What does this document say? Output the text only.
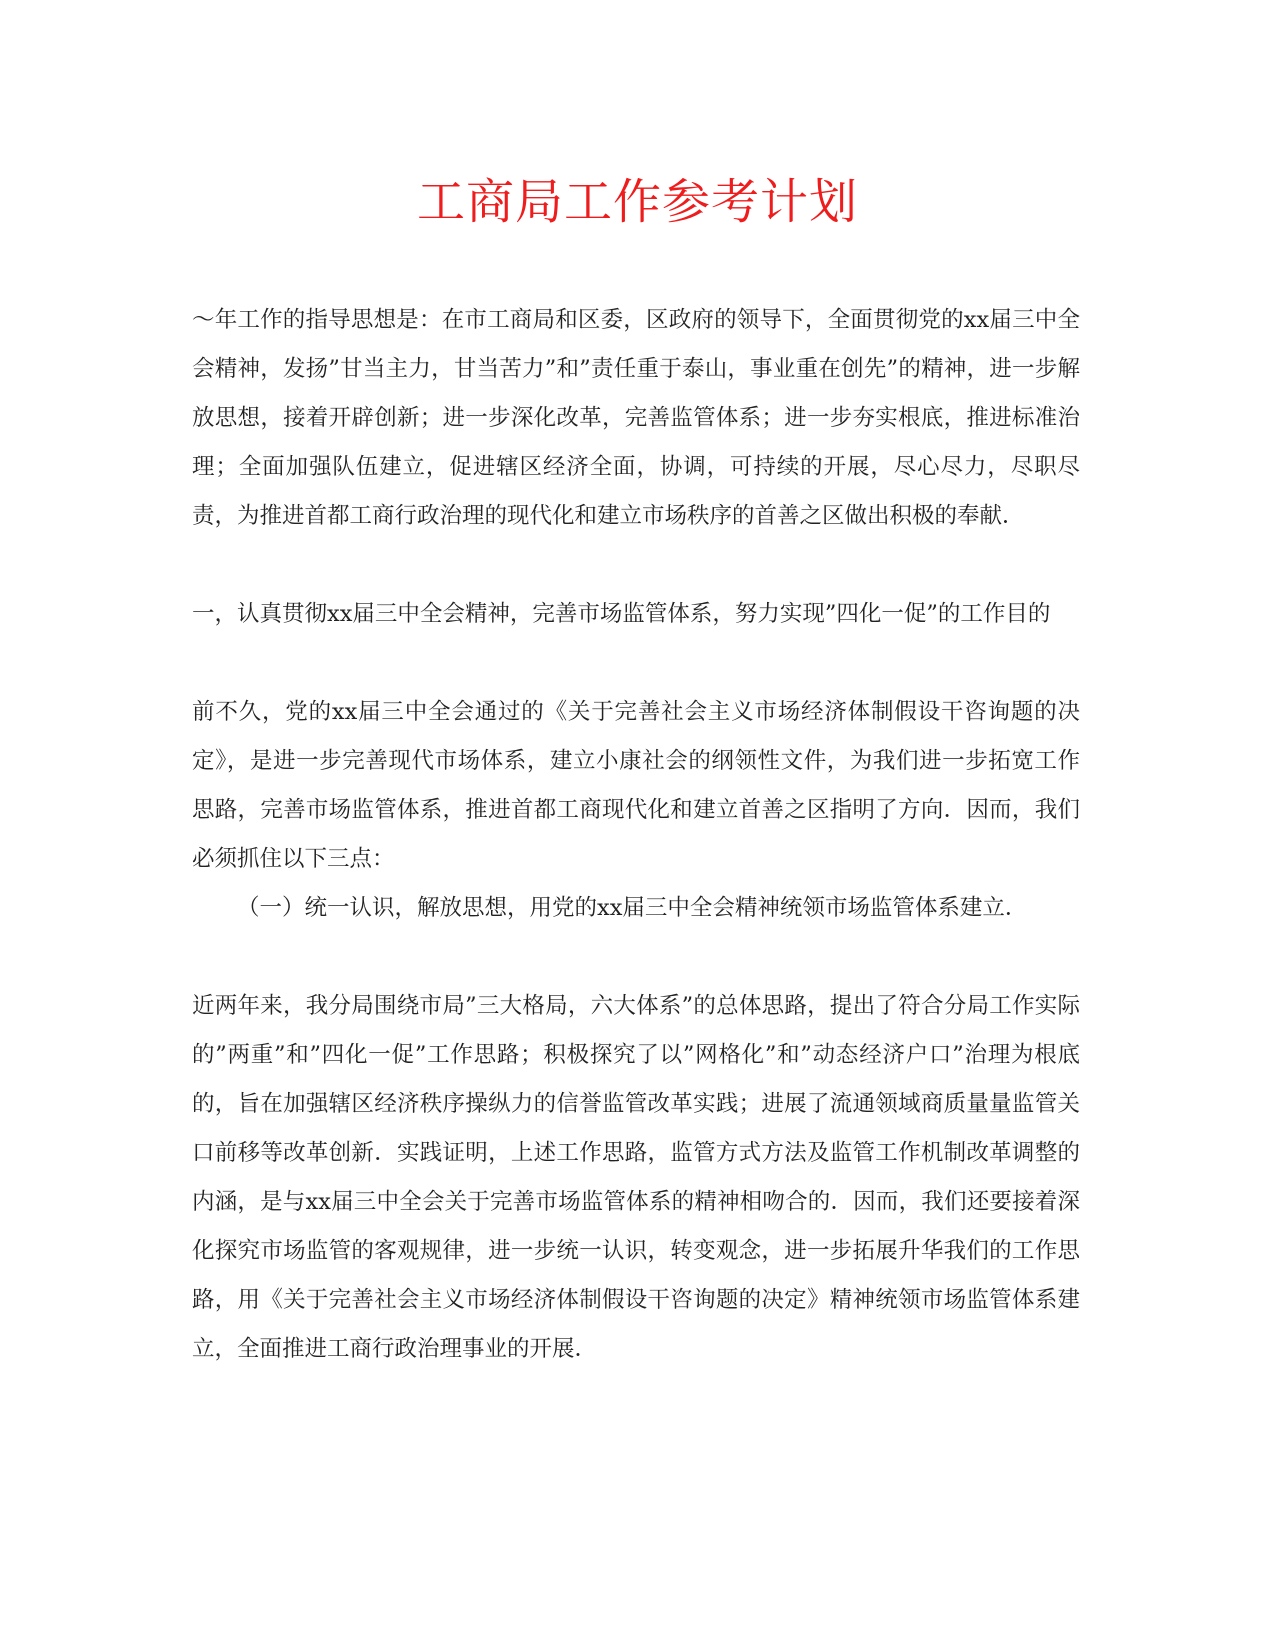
工商局工作参考计划

～年工作的指导思想是：在市工商局和区委，区政府的领导下，全面贯彻党的xx届三中全会精神，发扬”甘当主力，甘当苦力”和”责任重于泰山，事业重在创先”的精神，进一步解放思想，接着开辟创新；进一步深化改革，完善监管体系；进一步夯实根底，推进标准治理；全面加强队伍建立，促进辖区经济全面，协调，可持续的开展，尽心尽力，尽职尽责，为推进首都工商行政治理的现代化和建立市场秩序的首善之区做出积极的奉献．

一，认真贯彻xx届三中全会精神，完善市场监管体系，努力实现”四化一促”的工作目的

前不久，党的xx届三中全会通过的《关于完善社会主义市场经济体制假设干咨询题的决定》，是进一步完善现代市场体系，建立小康社会的纲领性文件，为我们进一步拓宽工作思路，完善市场监管体系，推进首都工商现代化和建立首善之区指明了方向．因而，我们必须抓住以下三点：

（一）统一认识，解放思想，用党的xx届三中全会精神统领市场监管体系建立．

近两年来，我分局围绕市局”三大格局，六大体系”的总体思路，提出了符合分局工作实际的”两重”和”四化一促”工作思路；积极探究了以”网格化”和”动态经济户口”治理为根底的，旨在加强辖区经济秩序操纵力的信誉监管改革实践；进展了流通领域商质量量监管关口前移等改革创新．实践证明，上述工作思路，监管方式方法及监管工作机制改革调整的内涵，是与xx届三中全会关于完善市场监管体系的精神相吻合的．因而，我们还要接着深化探究市场监管的客观规律，进一步统一认识，转变观念，进一步拓展升华我们的工作思路，用《关于完善社会主义市场经济体制假设干咨询题的决定》精神统领市场监管体系建立，全面推进工商行政治理事业的开展．
